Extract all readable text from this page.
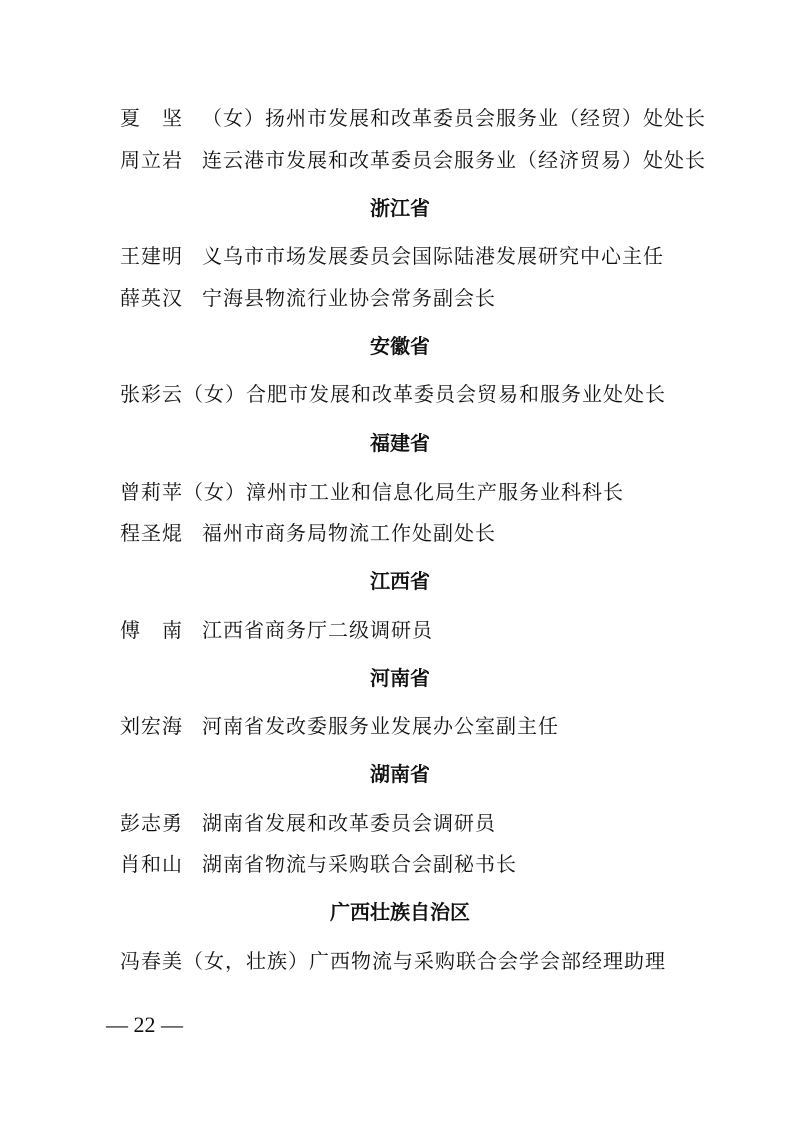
夏　坚 （女）扬州市发展和改革委员会服务业（经贸）处处长
周立岩 连云港市发展和改革委员会服务业（经济贸易）处处长
浙江省
王建明 义乌市市场发展委员会国际陆港发展研究中心主任
薛英汉 宁海县物流行业协会常务副会长
安徽省
张彩云（女）合肥市发展和改革委员会贸易和服务业处处长
福建省
曾莉苹（女）漳州市工业和信息化局生产服务业科科长
程圣焜 福州市商务局物流工作处副处长
江西省
傅　南 江西省商务厅二级调研员
河南省
刘宏海 河南省发改委服务业发展办公室副主任
湖南省
彭志勇 湖南省发展和改革委员会调研员
肖和山 湖南省物流与采购联合会副秘书长
广西壮族自治区
冯春美（女，壮族）广西物流与采购联合会学会部经理助理
— 22 —
